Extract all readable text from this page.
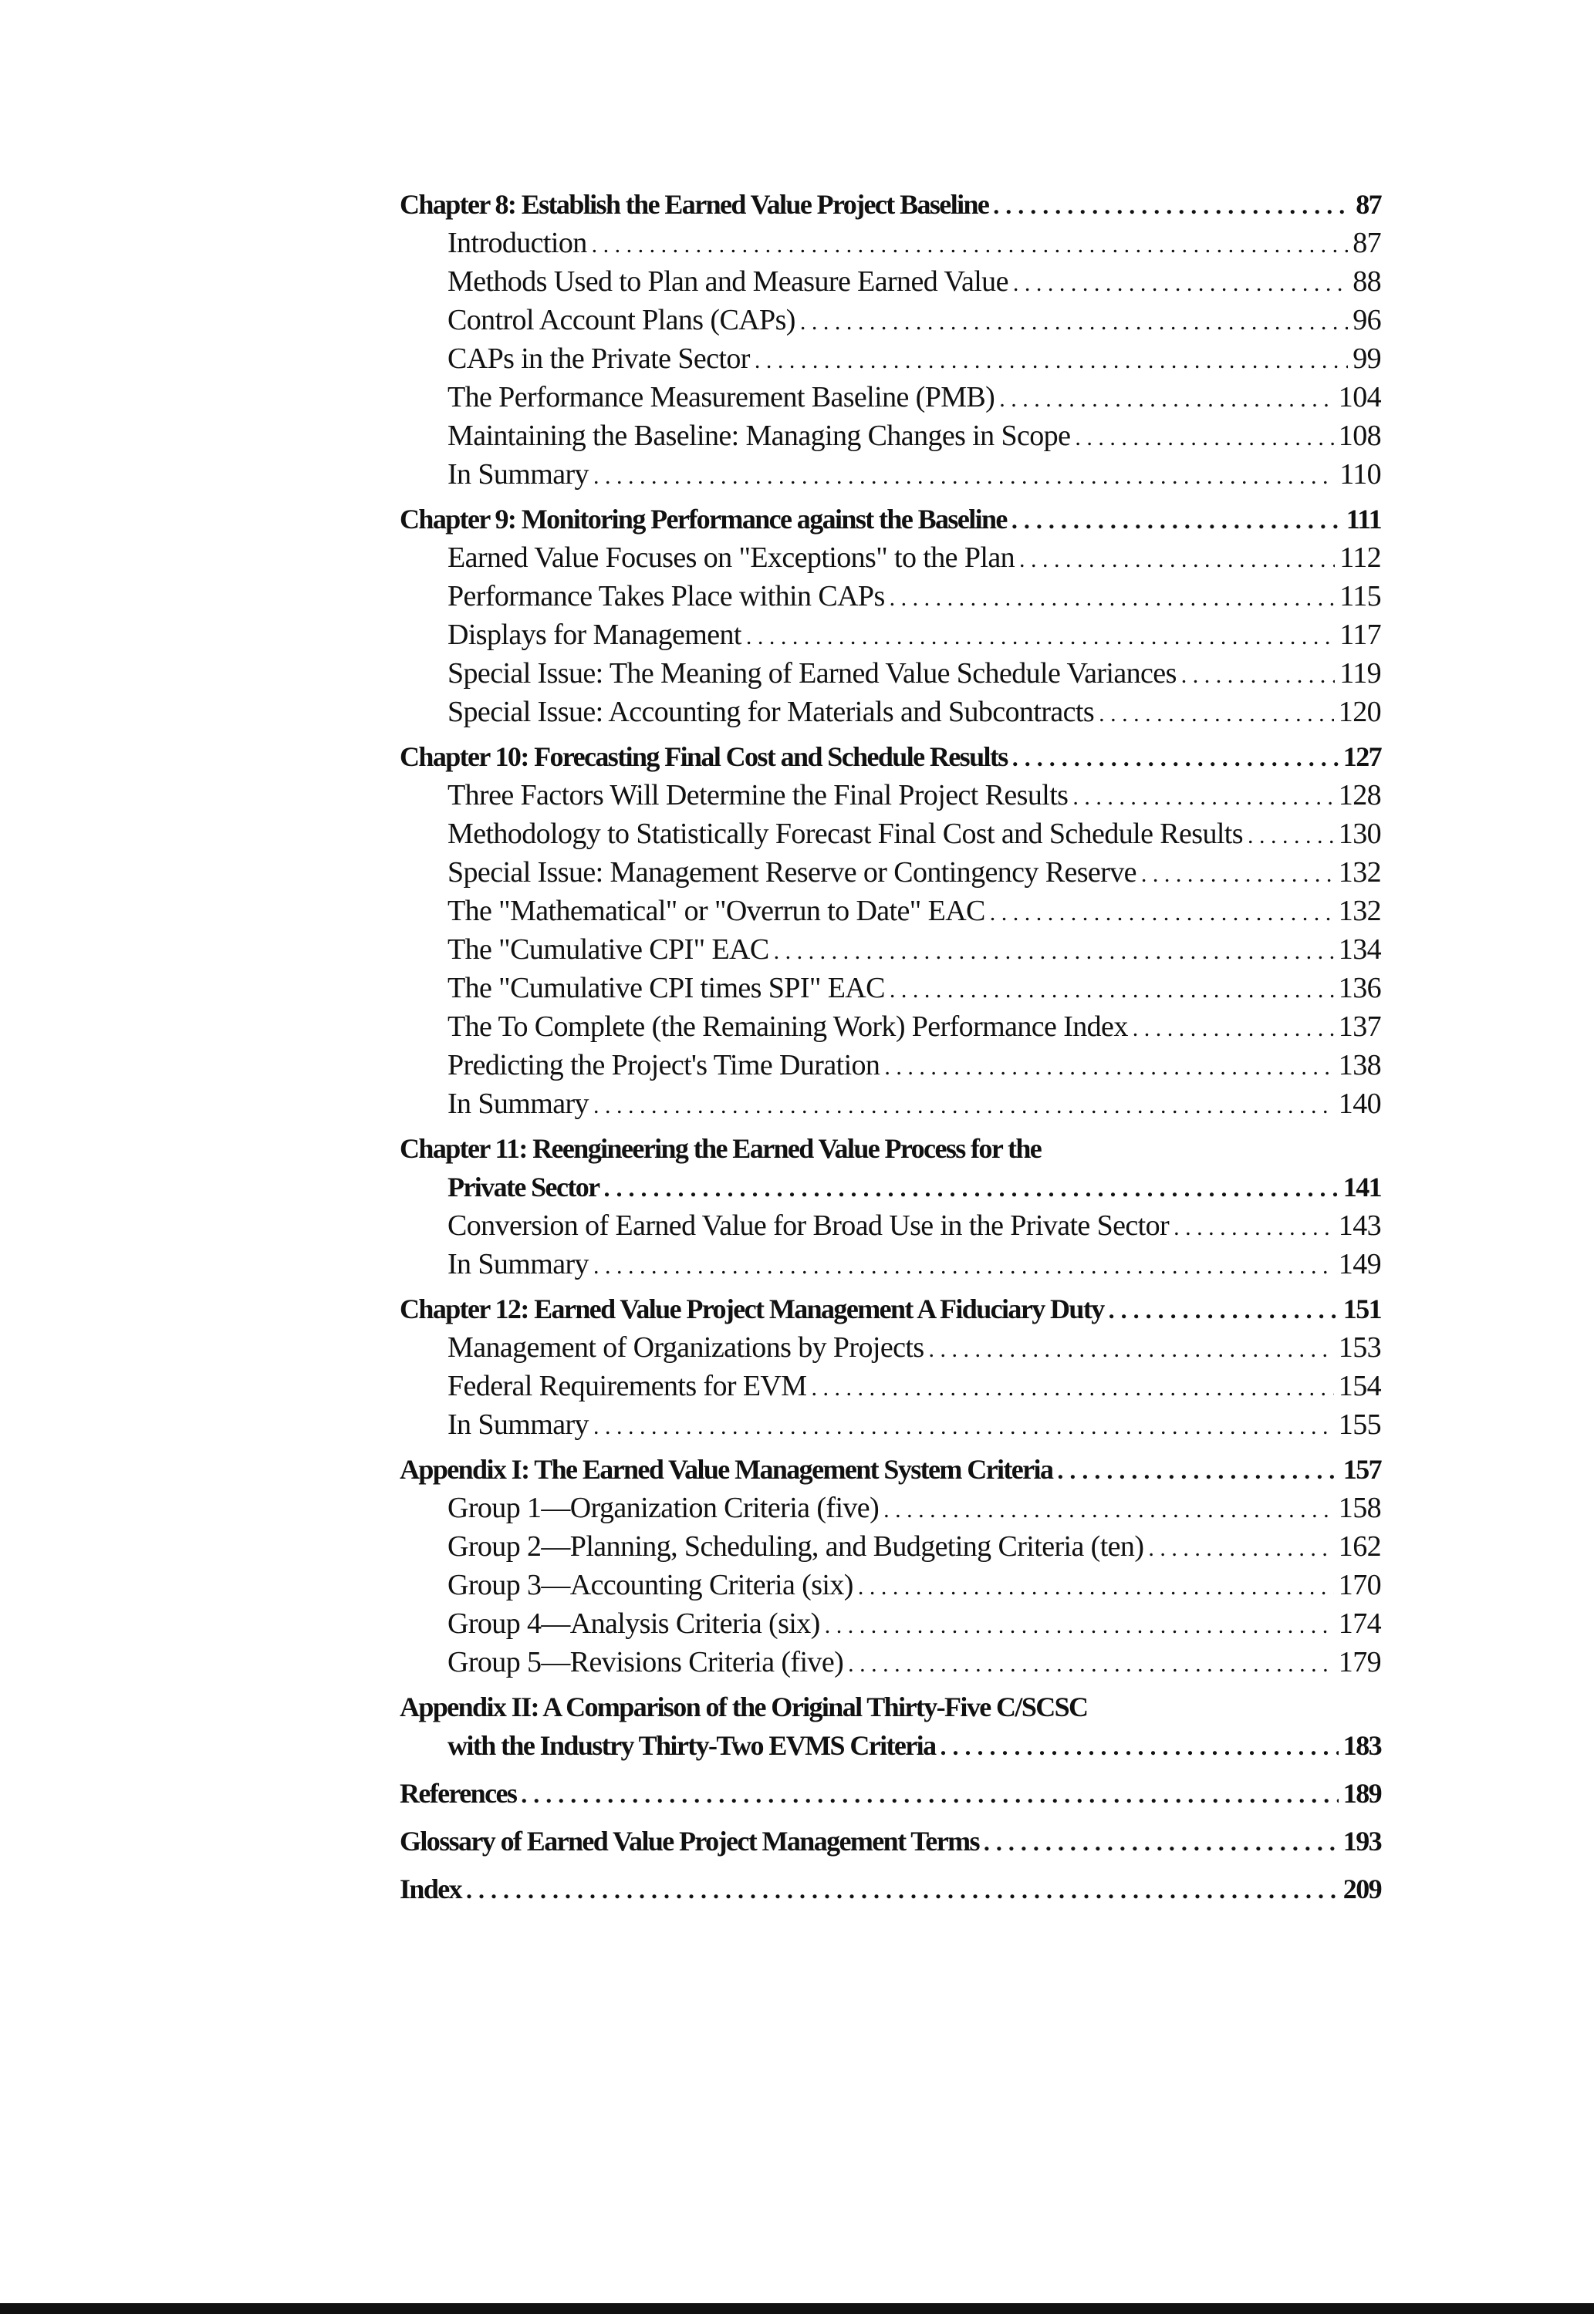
Chapter 8: Establish the Earned Value Project Baseline . . .	87
Introduction . . .	87
Methods Used to Plan and Measure Earned Value . . .	88
Control Account Plans (CAPs) . . .	96
CAPs in the Private Sector . . .	99
The Performance Measurement Baseline (PMB) . . .	104
Maintaining the Baseline: Managing Changes in Scope . . .	108
In Summary . . .	110
Chapter 9: Monitoring Performance against the Baseline . . .	111
Earned Value Focuses on "Exceptions" to the Plan . . .	112
Performance Takes Place within CAPs . . .	115
Displays for Management . . .	117
Special Issue: The Meaning of Earned Value Schedule Variances . . .	119
Special Issue: Accounting for Materials and Subcontracts . . .	120
Chapter 10: Forecasting Final Cost and Schedule Results . . .	127
Three Factors Will Determine the Final Project Results . . .	128
Methodology to Statistically Forecast Final Cost and Schedule Results . . .	130
Special Issue: Management Reserve or Contingency Reserve . . .	132
The "Mathematical" or "Overrun to Date" EAC . . .	132
The "Cumulative CPI" EAC . . .	134
The "Cumulative CPI times SPI" EAC . . .	136
The To Complete (the Remaining Work) Performance Index . . .	137
Predicting the Project's Time Duration . . .	138
In Summary . . .	140
Chapter 11: Reengineering the Earned Value Process for the
Private Sector . . .	141
Conversion of Earned Value for Broad Use in the Private Sector . . .	143
In Summary . . .	149
Chapter 12: Earned Value Project Management A Fiduciary Duty . . .	151
Management of Organizations by Projects . . .	153
Federal Requirements for EVM . . .	154
In Summary . . .	155
Appendix I: The Earned Value Management System Criteria . . .	157
Group 1—Organization Criteria (five) . . .	158
Group 2—Planning, Scheduling, and Budgeting Criteria (ten) . . .	162
Group 3—Accounting Criteria (six) . . .	170
Group 4—Analysis Criteria (six) . . .	174
Group 5—Revisions Criteria (five) . . .	179
Appendix II: A Comparison of the Original Thirty-Five C/SCSC
with the Industry Thirty-Two EVMS Criteria . . .	183
References . . .	189
Glossary of Earned Value Project Management Terms . . .	193
Index . . .	209
